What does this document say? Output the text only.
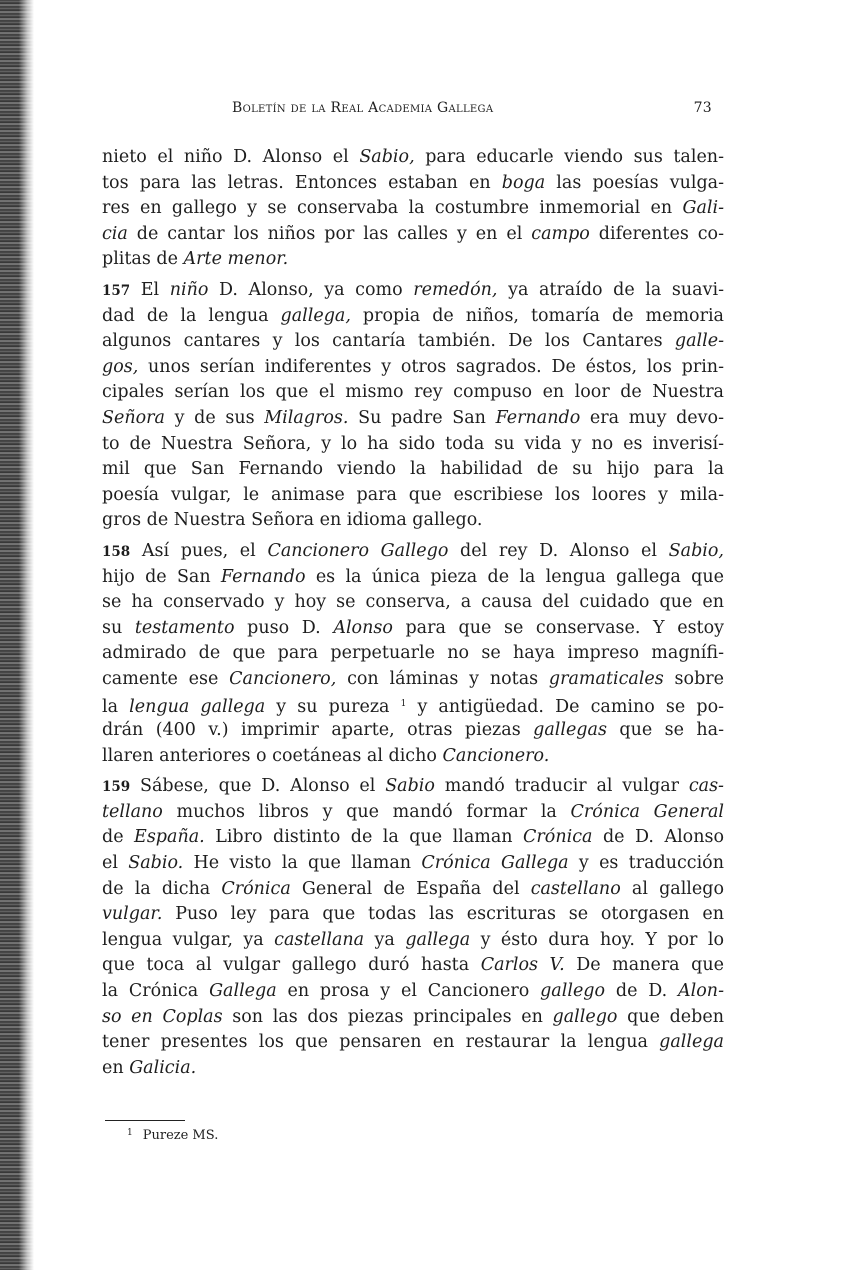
Boletín de la Real Academia Gallega	73
nieto el niño D. Alonso el Sabio, para educarle viendo sus talen-
tos para las letras. Entonces estaban en boga las poesías vulga-
res en gallego y se conservaba la costumbre inmemorial en Gali-
cia de cantar los niños por las calles y en el campo diferentes co-
plitas de Arte menor.
157 El niño D. Alonso, ya como remedón, ya atraído de la suavi-
dad de la lengua gallega, propia de niños, tomaría de memoria
algunos cantares y los cantaría también. De los Cantares galle-
gos, unos serían indiferentes y otros sagrados. De éstos, los prin-
cipales serían los que el mismo rey compuso en loor de Nuestra
Señora y de sus Milagros. Su padre San Fernando era muy devo-
to de Nuestra Señora, y lo ha sido toda su vida y no es inverisí-
mil que San Fernando viendo la habilidad de su hijo para la
poesía vulgar, le animase para que escribiese los loores y mila-
gros de Nuestra Señora en idioma gallego.
158 Así pues, el Cancionero Gallego del rey D. Alonso el Sabio,
hijo de San Fernando es la única pieza de la lengua gallega que
se ha conservado y hoy se conserva, a causa del cuidado que en
su testamento puso D. Alonso para que se conservase. Y estoy
admirado de que para perpetuarle no se haya impreso magnífi-
camente ese Cancionero, con láminas y notas gramaticales sobre
la lengua gallega y su pureza $^1$ y antigüedad. De camino se po-
drán (400 v.) imprimir aparte, otras piezas gallegas que se ha-
llaren anteriores o coetáneas al dicho Cancionero.
159 Sábese, que D. Alonso el Sabio mandó traducir al vulgar cas-
tellano muchos libros y que mandó formar la Crónica General
de España. Libro distinto de la que llaman Crónica de D. Alonso
el Sabio. He visto la que llaman Crónica Gallega y es traducción
de la dicha Crónica General de España del castellano al gallego
vulgar. Puso ley para que todas las escrituras se otorgasen en
lengua vulgar, ya castellana ya gallega y ésto dura hoy. Y por lo
que toca al vulgar gallego duró hasta Carlos V. De manera que
la Crónica Gallega en prosa y el Cancionero gallego de D. Alon-
so en Coplas son las dos piezas principales en gallego que deben
tener presentes los que pensaren en restaurar la lengua gallega
en Galicia.
$^1$ Pureze MS.
